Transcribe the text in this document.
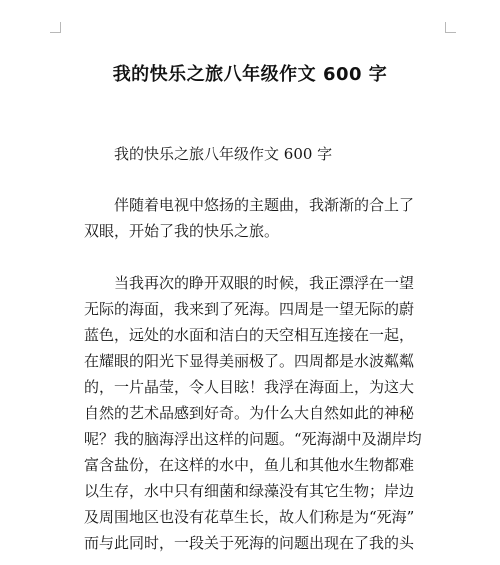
我的快乐之旅八年级作文 600 字
我的快乐之旅八年级作文 600 字
伴随着电视中悠扬的主题曲，我渐渐的合上了
双眼，开始了我的快乐之旅。
当我再次的睁开双眼的时候，我正漂浮在一望
无际的海面，我来到了死海。四周是一望无际的蔚
蓝色，远处的水面和洁白的天空相互连接在一起，
在耀眼的阳光下显得美丽极了。四周都是水波粼粼
的，一片晶莹，令人目眩！我浮在海面上，为这大
自然的艺术品感到好奇。为什么大自然如此的神秘
呢？我的脑海浮出这样的问题。“死海湖中及湖岸均
富含盐份，在这样的水中，鱼儿和其他水生物都难
以生存，水中只有细菌和绿藻没有其它生物；岸边
及周围地区也没有花草生长，故人们称是为“死海”
而与此同时，一段关于死海的问题出现在了我的头
